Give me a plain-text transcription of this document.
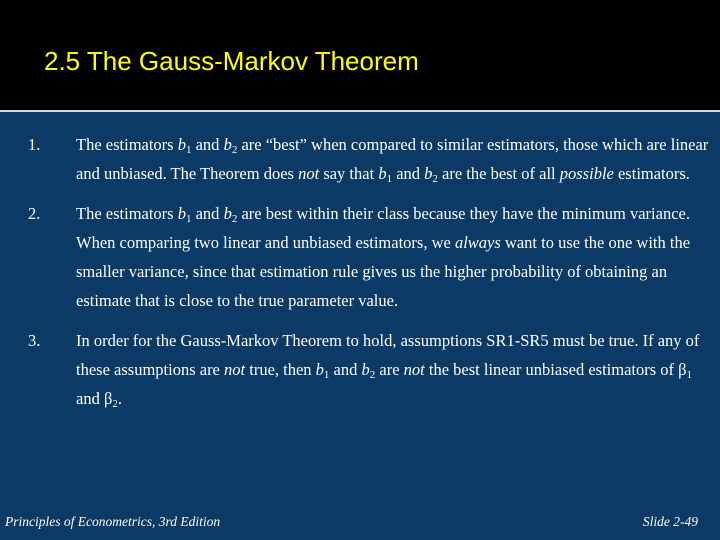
2.5 The Gauss-Markov Theorem
1. The estimators $b_1$ and $b_2$ are “best” when compared to similar estimators, those which are linear and unbiased. The Theorem does not say that $b_1$ and $b_2$ are the best of all possible estimators.
2. The estimators $b_1$ and $b_2$ are best within their class because they have the minimum variance. When comparing two linear and unbiased estimators, we always want to use the one with the smaller variance, since that estimation rule gives us the higher probability of obtaining an estimate that is close to the true parameter value.
3. In order for the Gauss-Markov Theorem to hold, assumptions SR1-SR5 must be true. If any of these assumptions are not true, then $b_1$ and $b_2$ are not the best linear unbiased estimators of $\beta_1$ and $\beta_2$.
Principles of Econometrics, 3rd Edition	Slide 2-49
